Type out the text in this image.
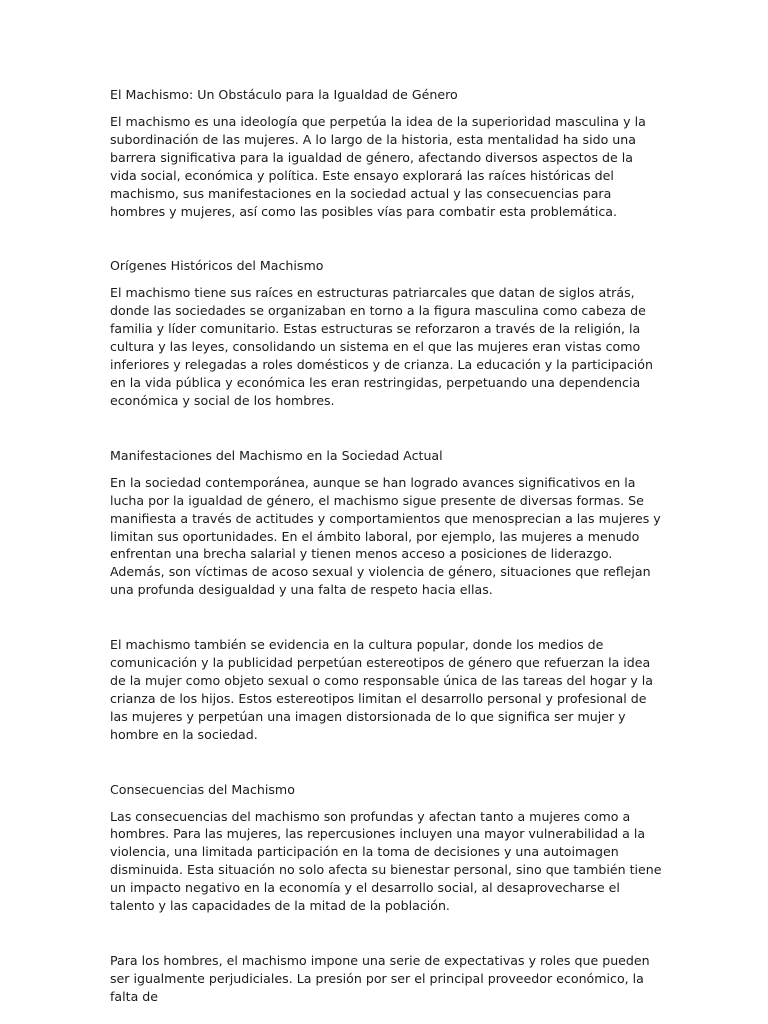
El Machismo: Un Obstáculo para la Igualdad de Género

El machismo es una ideología que perpetúa la idea de la superioridad masculina y la subordinación de las mujeres. A lo largo de la historia, esta mentalidad ha sido una barrera significativa para la igualdad de género, afectando diversos aspectos de la vida social, económica y política. Este ensayo explorará las raíces históricas del machismo, sus manifestaciones en la sociedad actual y las consecuencias para hombres y mujeres, así como las posibles vías para combatir esta problemática.

Orígenes Históricos del Machismo

El machismo tiene sus raíces en estructuras patriarcales que datan de siglos atrás, donde las sociedades se organizaban en torno a la figura masculina como cabeza de familia y líder comunitario. Estas estructuras se reforzaron a través de la religión, la cultura y las leyes, consolidando un sistema en el que las mujeres eran vistas como inferiores y relegadas a roles domésticos y de crianza. La educación y la participación en la vida pública y económica les eran restringidas, perpetuando una dependencia económica y social de los hombres.

Manifestaciones del Machismo en la Sociedad Actual

En la sociedad contemporánea, aunque se han logrado avances significativos en la lucha por la igualdad de género, el machismo sigue presente de diversas formas. Se manifiesta a través de actitudes y comportamientos que menosprecian a las mujeres y limitan sus oportunidades. En el ámbito laboral, por ejemplo, las mujeres a menudo enfrentan una brecha salarial y tienen menos acceso a posiciones de liderazgo. Además, son víctimas de acoso sexual y violencia de género, situaciones que reflejan una profunda desigualdad y una falta de respeto hacia ellas.

El machismo también se evidencia en la cultura popular, donde los medios de comunicación y la publicidad perpetúan estereotipos de género que refuerzan la idea de la mujer como objeto sexual o como responsable única de las tareas del hogar y la crianza de los hijos. Estos estereotipos limitan el desarrollo personal y profesional de las mujeres y perpetúan una imagen distorsionada de lo que significa ser mujer y hombre en la sociedad.

Consecuencias del Machismo

Las consecuencias del machismo son profundas y afectan tanto a mujeres como a hombres. Para las mujeres, las repercusiones incluyen una mayor vulnerabilidad a la violencia, una limitada participación en la toma de decisiones y una autoimagen disminuida. Esta situación no solo afecta su bienestar personal, sino que también tiene un impacto negativo en la economía y el desarrollo social, al desaprovecharse el talento y las capacidades de la mitad de la población.

Para los hombres, el machismo impone una serie de expectativas y roles que pueden ser igualmente perjudiciales. La presión por ser el principal proveedor económico, la falta de
